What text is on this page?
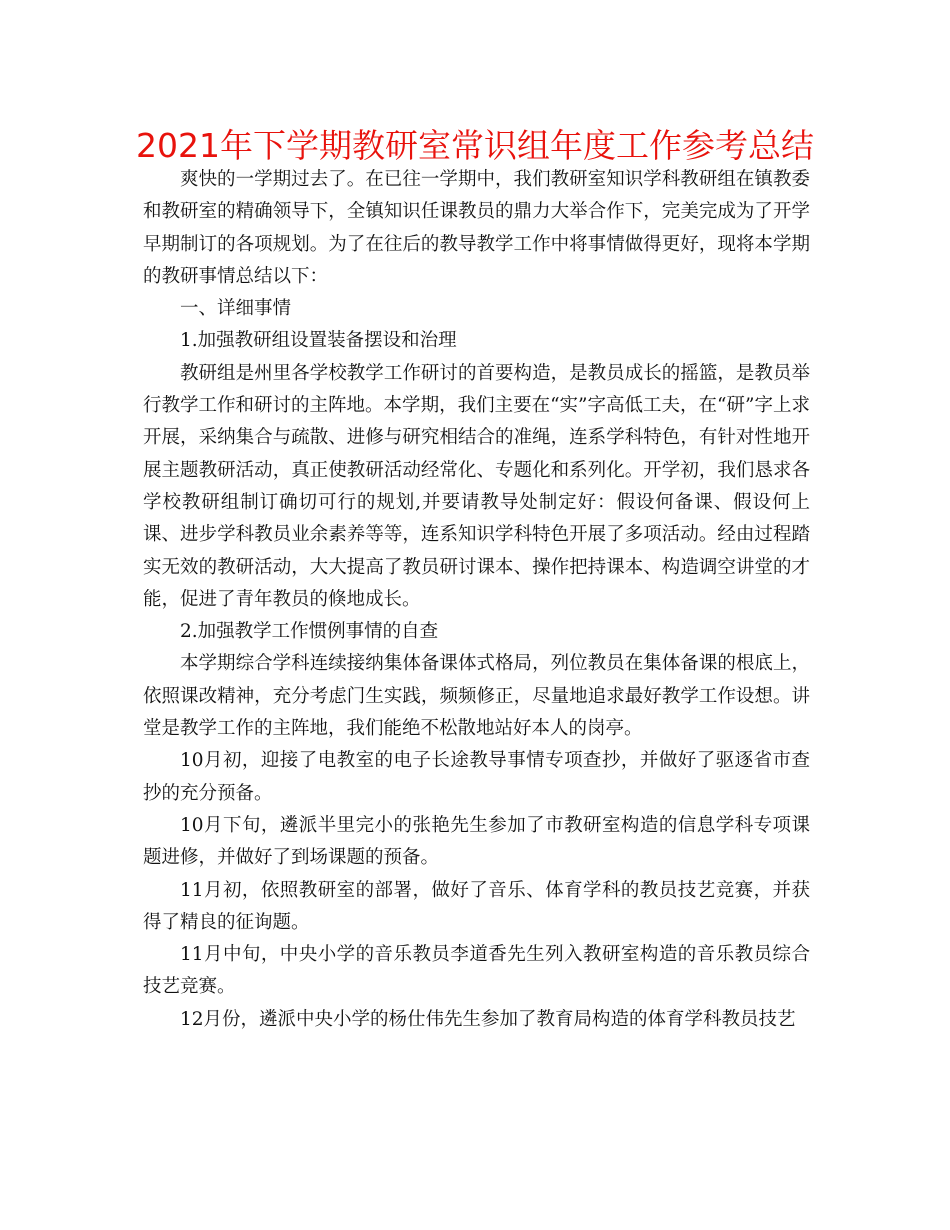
2021年下学期教研室常识组年度工作参考总结

爽快的一学期过去了。在已往一学期中，我们教研室知识学科教研组在镇教委和教研室的精确领导下，全镇知识任课教员的鼎力大举合作下，完美完成为了开学早期制订的各项规划。为了在往后的教导教学工作中将事情做得更好，现将本学期的教研事情总结以下：

一、详细事情

1.加强教研组设置装备摆设和治理

教研组是州里各学校教学工作研讨的首要构造，是教员成长的摇篮，是教员举行教学工作和研讨的主阵地。本学期，我们主要在“实”字高低工夫，在“研”字上求开展，采纳集合与疏散、进修与研究相结合的准绳，连系学科特色，有针对性地开展主题教研活动，真正使教研活动经常化、专题化和系列化。开学初，我们恳求各学校教研组制订确切可行的规划,并要请教导处制定好：假设何备课、假设何上课、进步学科教员业余素养等等，连系知识学科特色开展了多项活动。经由过程踏实无效的教研活动，大大提高了教员研讨课本、操作把持课本、构造调空讲堂的才能，促进了青年教员的倏地成长。

2.加强教学工作惯例事情的自查

本学期综合学科连续接纳集体备课体式格局，列位教员在集体备课的根底上，依照课改精神，充分考虑门生实践，频频修正，尽量地追求最好教学工作设想。讲堂是教学工作的主阵地，我们能绝不松散地站好本人的岗亭。

10月初，迎接了电教室的电子长途教导事情专项查抄，并做好了驱逐省市查抄的充分预备。

10月下旬，遴派半里完小的张艳先生参加了市教研室构造的信息学科专项课题进修，并做好了到场课题的预备。

11月初，依照教研室的部署，做好了音乐、体育学科的教员技艺竞赛，并获得了精良的征询题。

11月中旬，中央小学的音乐教员李道香先生列入教研室构造的音乐教员综合技艺竞赛。

12月份，遴派中央小学的杨仕伟先生参加了教育局构造的体育学科教员技艺
